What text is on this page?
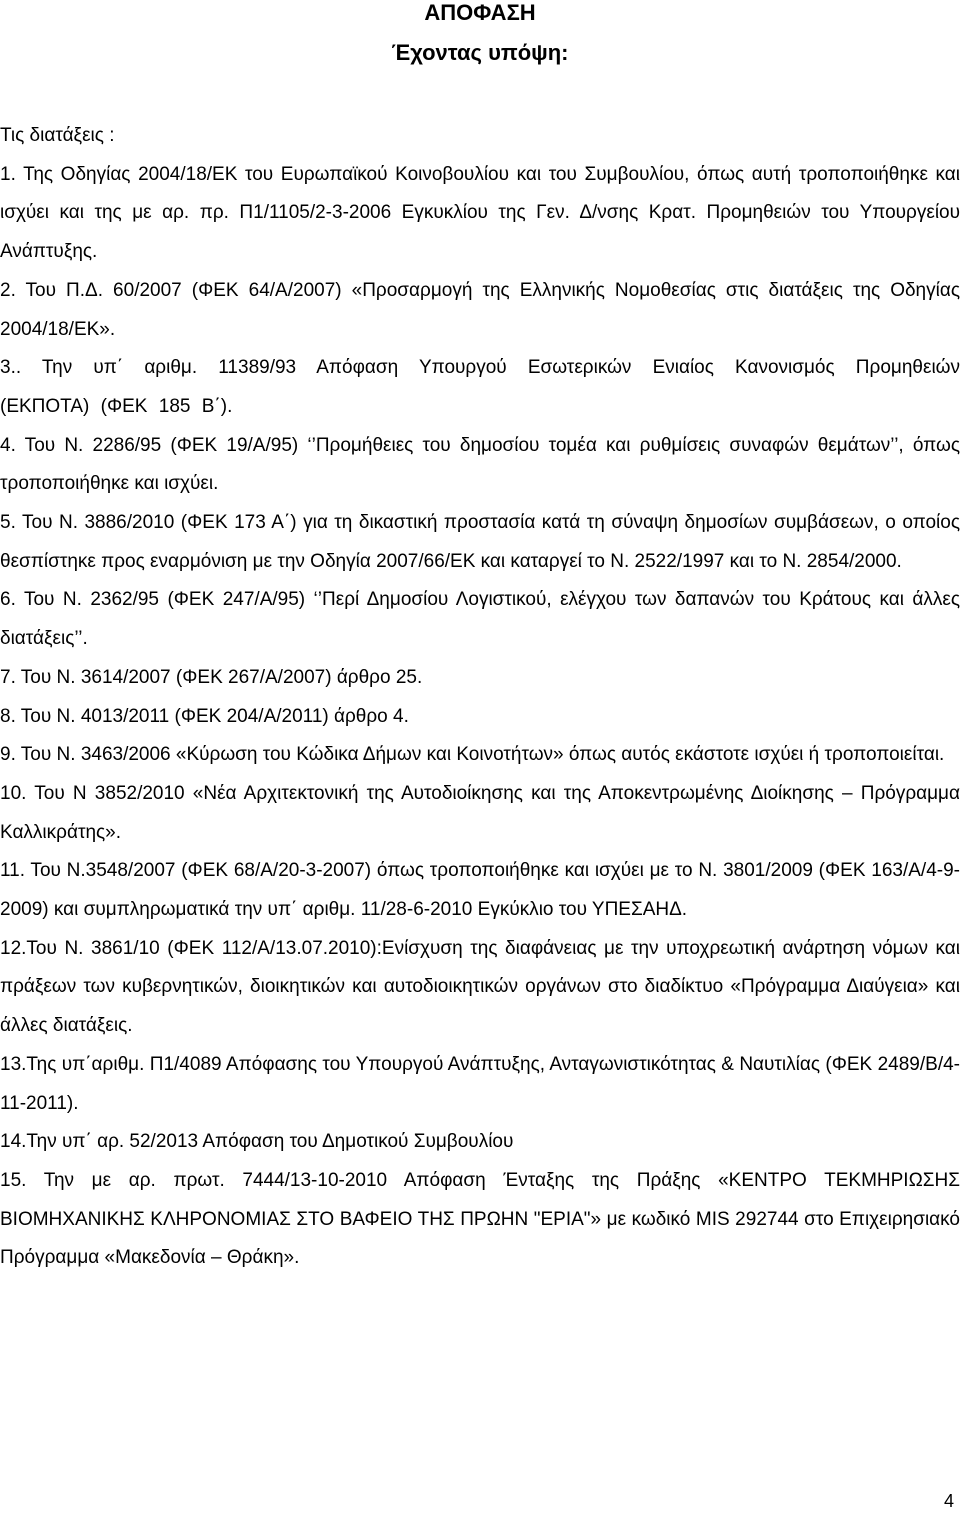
ΑΠΟΦΑΣΗ
Έχοντας υπόψη:

Τις διατάξεις :

1. Της Οδηγίας 2004/18/ΕΚ του Ευρωπαϊκού Κοινοβουλίου και του Συμβουλίου, όπως αυτή τροποποιήθηκε και ισχύει και της με αρ. πρ. Π1/1105/2-3-2006 Εγκυκλίου της Γεν. Δ/νσης Κρατ. Προμηθειών του Υπουργείου Ανάπτυξης.

2. Του Π.Δ. 60/2007 (ΦΕΚ 64/Α/2007) «Προσαρμογή της Ελληνικής Νομοθεσίας στις διατάξεις της Οδηγίας 2004/18/ΕΚ».

3.. Την υπ΄ αριθμ. 11389/93 Απόφαση Υπουργού Εσωτερικών Ενιαίος Κανονισμός Προμηθειών (ΕΚΠΟΤΑ) (ΦΕΚ 185 Β΄).

4. Του Ν. 2286/95 (ΦΕΚ 19/Α/95) ‘’Προμήθειες του δημοσίου τομέα και ρυθμίσεις συναφών θεμάτων’’, όπως τροποποιήθηκε και ισχύει.

5. Του Ν. 3886/2010 (ΦΕΚ 173 Α΄) για τη δικαστική προστασία κατά τη σύναψη δημοσίων συμβάσεων, ο οποίος θεσπίστηκε προς εναρμόνιση με την Οδηγία 2007/66/ΕΚ και καταργεί το Ν. 2522/1997 και το Ν. 2854/2000.

6. Του Ν. 2362/95 (ΦΕΚ 247/Α/95) ‘’Περί Δημοσίου Λογιστικού, ελέγχου των δαπανών του Κράτους και άλλες διατάξεις’’.

7. Του Ν. 3614/2007 (ΦΕΚ 267/Α/2007) άρθρο 25.

8. Του Ν. 4013/2011 (ΦΕΚ 204/Α/2011) άρθρο 4.

9. Του Ν. 3463/2006 «Κύρωση του Κώδικα Δήμων και Κοινοτήτων» όπως αυτός εκάστοτε ισχύει ή τροποποιείται.

10. Του Ν 3852/2010 «Νέα Αρχιτεκτονική της Αυτοδιοίκησης και της Αποκεντρωμένης Διοίκησης – Πρόγραμμα Καλλικράτης».

11. Του Ν.3548/2007 (ΦΕΚ 68/Α/20-3-2007) όπως τροποποιήθηκε και ισχύει με το Ν. 3801/2009 (ΦΕΚ 163/Α/4-9-2009) και συμπληρωματικά την υπ΄ αριθμ. 11/28-6-2010 Εγκύκλιο του ΥΠΕΣΑΗΔ.

12.Του Ν. 3861/10 (ΦΕΚ 112/Α/13.07.2010):Ενίσχυση της διαφάνειας με την υποχρεωτική ανάρτηση νόμων και πράξεων των κυβερνητικών, διοικητικών και αυτοδιοικητικών οργάνων στο διαδίκτυο «Πρόγραμμα Διαύγεια» και άλλες διατάξεις.

13.Της υπ΄αριθμ. Π1/4089 Απόφασης του Υπουργού Ανάπτυξης, Ανταγωνιστικότητας & Ναυτιλίας (ΦΕΚ 2489/Β/4-11-2011).

14.Την υπ΄ αρ. 52/2013 Απόφαση του Δημοτικού Συμβουλίου

15. Την με αρ. πρωτ. 7444/13-10-2010 Απόφαση Ένταξης της Πράξης «ΚΕΝΤΡΟ ΤΕΚΜΗΡΙΩΣΗΣ ΒΙΟΜΗΧΑΝΙΚΗΣ ΚΛΗΡΟΝΟΜΙΑΣ ΣΤΟ ΒΑΦΕΙΟ ΤΗΣ ΠΡΩΗΝ "ΕΡΙΑ"» με κωδικό MIS 292744 στο Επιχειρησιακό Πρόγραμμα «Μακεδονία – Θράκη».

4
